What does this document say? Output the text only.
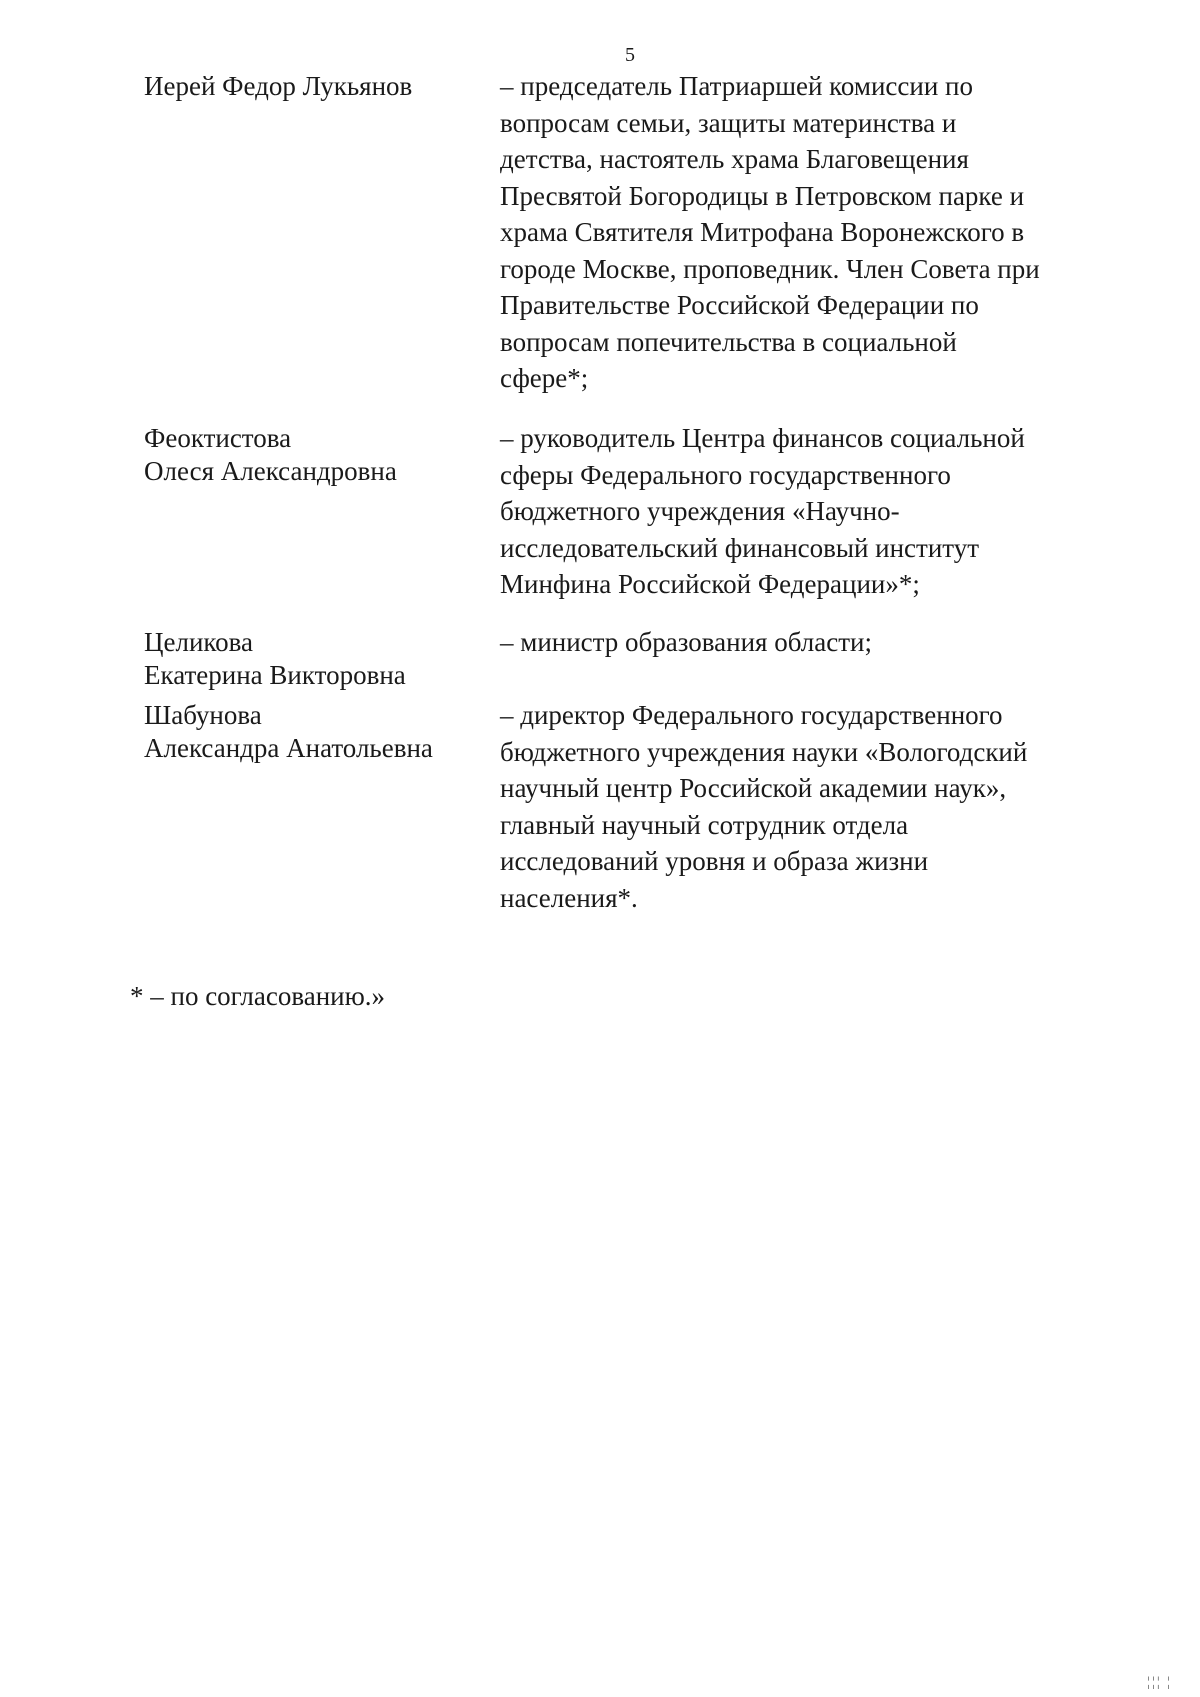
5
Иерей Федор Лукьянов	– председатель Патриаршей комиссии по
вопросам семьи, защиты материнства и
детства, настоятель храма Благовещения
Пресвятой Богородицы в Петровском парке и
храма Святителя Митрофана Воронежского в
городе Москве, проповедник. Член Совета при
Правительстве Российской Федерации по
вопросам попечительства в социальной
сфере*;
Феоктистова
Олеся Александровна
– руководитель Центра финансов социальной
сферы Федерального государственного
бюджетного учреждения «Научно-
исследовательский финансовый институт
Минфина Российской Федерации»*;
Целикова
Екатерина Викторовна
– министр образования области;
Шабунова
Александра Анатольевна
– директор Федерального государственного
бюджетного учреждения науки «Вологодский
научный центр Российской академии наук»,
главный научный сотрудник отдела
исследований уровня и образа жизни
населения*.
* – по согласованию.»
¦¦¦ ¦
